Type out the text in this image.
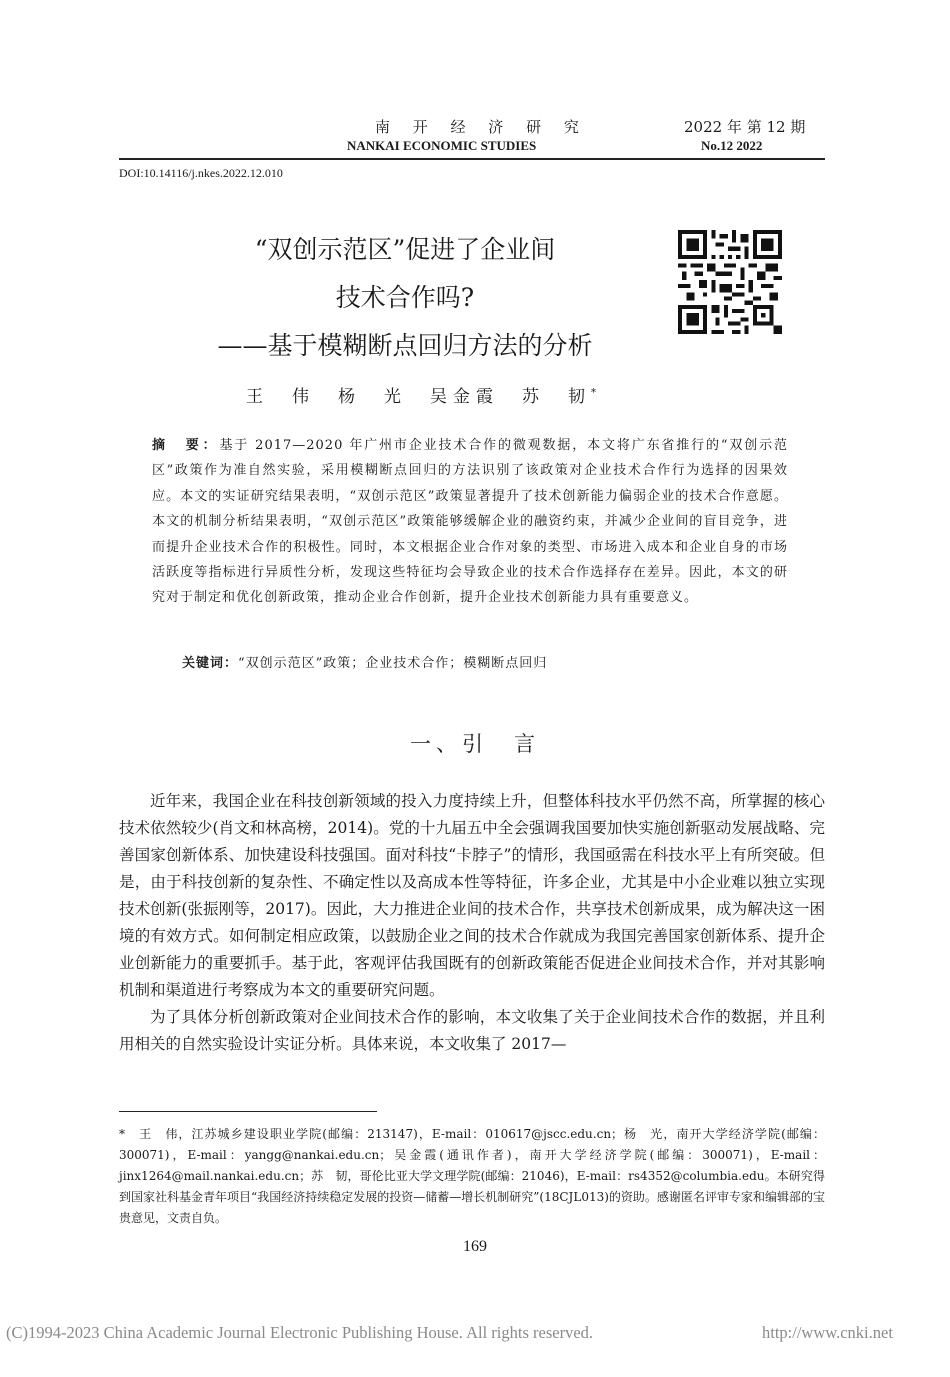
南 开 经 济 研 究
NANKAI ECONOMIC STUDIES
2022 年 第 12 期
No.12 2022
DOI:10.14116/j.nkes.2022.12.010
“双创示范区”促进了企业间
技术合作吗?
——基于模糊断点回归方法的分析
王　伟　杨　光　吴金霞　苏　韧*
摘　要：基于 2017—2020 年广州市企业技术合作的微观数据，本文将广东省推行的“双创示范区”政策作为准自然实验，采用模糊断点回归的方法识别了该政策对企业技术合作行为选择的因果效应。本文的实证研究结果表明，“双创示范区”政策显著提升了技术创新能力偏弱企业的技术合作意愿。本文的机制分析结果表明，“双创示范区”政策能够缓解企业的融资约束，并减少企业间的盲目竞争，进而提升企业技术合作的积极性。同时，本文根据企业合作对象的类型、市场进入成本和企业自身的市场活跃度等指标进行异质性分析，发现这些特征均会导致企业的技术合作选择存在差异。因此，本文的研究对于制定和优化创新政策，推动企业合作创新，提升企业技术创新能力具有重要意义。
关键词：“双创示范区”政策；企业技术合作；模糊断点回归
一、引　言

近年来，我国企业在科技创新领域的投入力度持续上升，但整体科技水平仍然不高，所掌握的核心技术依然较少(肖文和林高榜，2014)。党的十九届五中全会强调我国要加快实施创新驱动发展战略、完善国家创新体系、加快建设科技强国。面对科技“卡脖子”的情形，我国亟需在科技水平上有所突破。但是，由于科技创新的复杂性、不确定性以及高成本性等特征，许多企业，尤其是中小企业难以独立实现技术创新(张振刚等，2017)。因此，大力推进企业间的技术合作，共享技术创新成果，成为解决这一困境的有效方式。如何制定相应政策，以鼓励企业之间的技术合作就成为我国完善国家创新体系、提升企业创新能力的重要抓手。基于此，客观评估我国既有的创新政策能否促进企业间技术合作，并对其影响机制和渠道进行考察成为本文的重要研究问题。

为了具体分析创新政策对企业间技术合作的影响，本文收集了关于企业间技术合作的数据，并且利用相关的自然实验设计实证分析。具体来说，本文收集了 2017—

*　王　伟，江苏城乡建设职业学院(邮编：213147)，E-mail：010617@jscc.edu.cn；杨　光，南开大学经济学院(邮编：300071)，E-mail：yangg@nankai.edu.cn；吴金霞(通讯作者)，南开大学经济学院(邮编：300071)，E-mail：jinx1264@mail.nankai.edu.cn；苏　韧，哥伦比亚大学文理学院(邮编：21046)，E-mail：rs4352@columbia.edu。本研究得到国家社科基金青年项目“我国经济持续稳定发展的投资—储蓄—增长机制研究”(18CJL013)的资助。感谢匿名评审专家和编辑部的宝贵意见，文责自负。
169
(C)1994-2023 China Academic Journal Electronic Publishing House. All rights reserved.	http://www.cnki.net
